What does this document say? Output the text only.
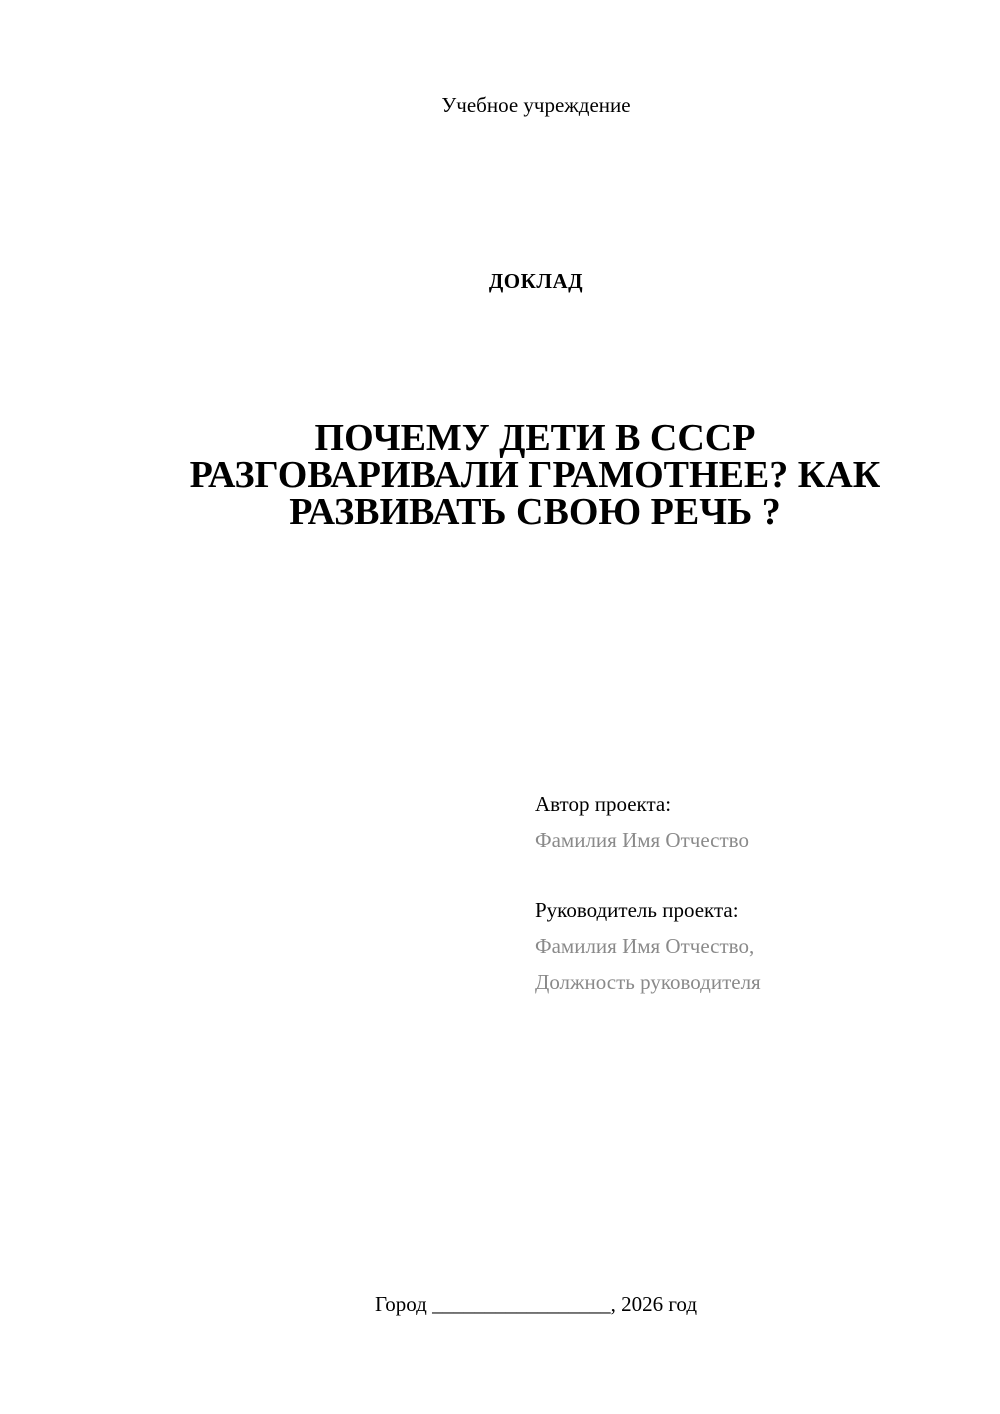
Учебное учреждение
ДОКЛАД
ПОЧЕМУ ДЕТИ В СССР
РАЗГОВАРИВАЛИ ГРАМОТНЕЕ? КАК
РАЗВИВАТЬ СВОЮ РЕЧЬ ?
Автор проекта:
Фамилия Имя Отчество
Руководитель проекта:
Фамилия Имя Отчество,
Должность руководителя
Город _________________, 2026 год
